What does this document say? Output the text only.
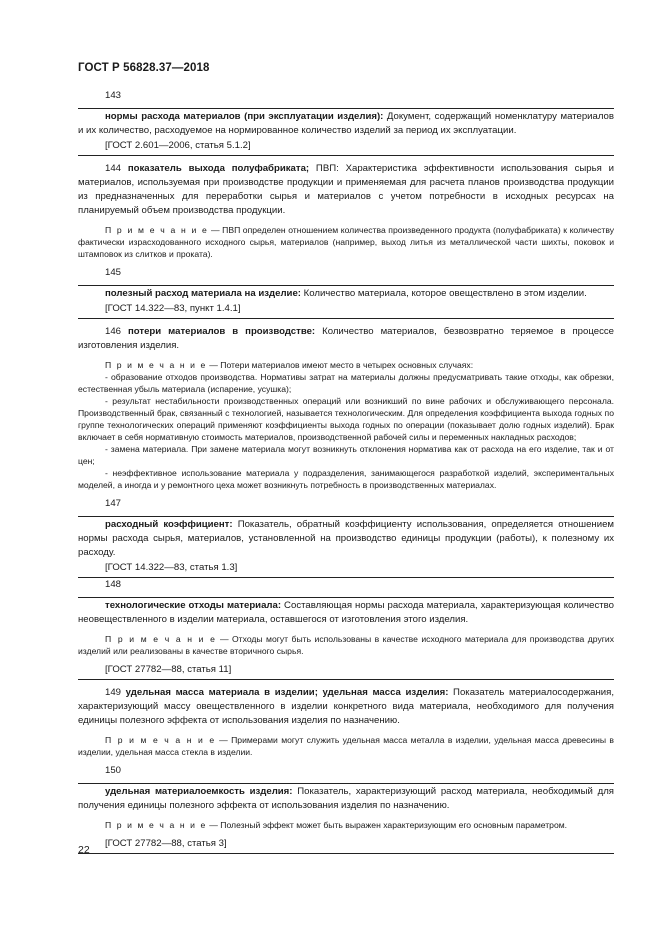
ГОСТ Р 56828.37—2018

143

нормы расхода материалов (при эксплуатации изделия): Документ, содержащий номенклатуру материалов и их количество, расходуемое на нормированное количество изделий за период их эксплуатации.

[ГОСТ 2.601—2006, статья 5.1.2]

144 показатель выхода полуфабриката; ПВП: Характеристика эффективности использования сырья и материалов, используемая при производстве продукции и применяемая для расчета планов производства продукции из предназначенных для переработки сырья и материалов с учетом потребности в исходных ресурсах на планируемый объем производства продукции.

П р и м е ч а н и е — ПВП определен отношением количества произведенного продукта (полуфабриката) к количеству фактически израсходованного исходного сырья, материалов (например, выход литья из металлической части шихты, поковок и штамповок из слитков и проката).

145

полезный расход материала на изделие: Количество материала, которое овеществлено в этом изделии.

[ГОСТ 14.322—83, пункт 1.4.1]

146 потери материалов в производстве: Количество материалов, безвозвратно теряемое в процессе изготовления изделия.

П р и м е ч а н и е — Потери материалов имеют место в четырех основных случаях:

- образование отходов производства. Нормативы затрат на материалы должны предусматривать такие отходы, как обрезки, естественная убыль материала (испарение, усушка);

- результат нестабильности производственных операций или возникший по вине рабочих и обслуживающего персонала. Производственный брак, связанный с технологией, называется технологическим. Для определения коэффициента выхода годных по группе технологических операций применяют коэффициенты выхода годных по операции (показывает долю годных изделий). Брак включает в себя нормативную стоимость материалов, производственной рабочей силы и переменных накладных расходов;

- замена материала. При замене материала могут возникнуть отклонения норматива как от расхода на его изделие, так и от цен;

- неэффективное использование материала у подразделения, занимающегося разработкой изделий, экспериментальных моделей, а иногда и у ремонтного цеха может возникнуть потребность в производственных материалах.

147

расходный коэффициент: Показатель, обратный коэффициенту использования, определяется отношением нормы расхода сырья, материалов, установленной на производство единицы продукции (работы), к полезному их расходу.

[ГОСТ 14.322—83, статья 1.3]

148

технологические отходы материала: Составляющая нормы расхода материала, характеризующая количество неовеществленного в изделии материала, оставшегося от изготовления этого изделия.

П р и м е ч а н и е — Отходы могут быть использованы в качестве исходного материала для производства других изделий или реализованы в качестве вторичного сырья.

[ГОСТ 27782—88, статья 11]

149 удельная масса материала в изделии; удельная масса изделия: Показатель материалосодержания, характеризующий массу овеществленного в изделии конкретного вида материала, необходимого для получения единицы полезного эффекта от использования изделия по назначению.

П р и м е ч а н и е — Примерами могут служить удельная масса металла в изделии, удельная масса древесины в изделии, удельная масса стекла в изделии.

150

удельная материалоемкость изделия: Показатель, характеризующий расход материала, необходимый для получения единицы полезного эффекта от использования изделия по назначению.

П р и м е ч а н и е — Полезный эффект может быть выражен характеризующим его основным параметром.

[ГОСТ 27782—88, статья 3]

22
